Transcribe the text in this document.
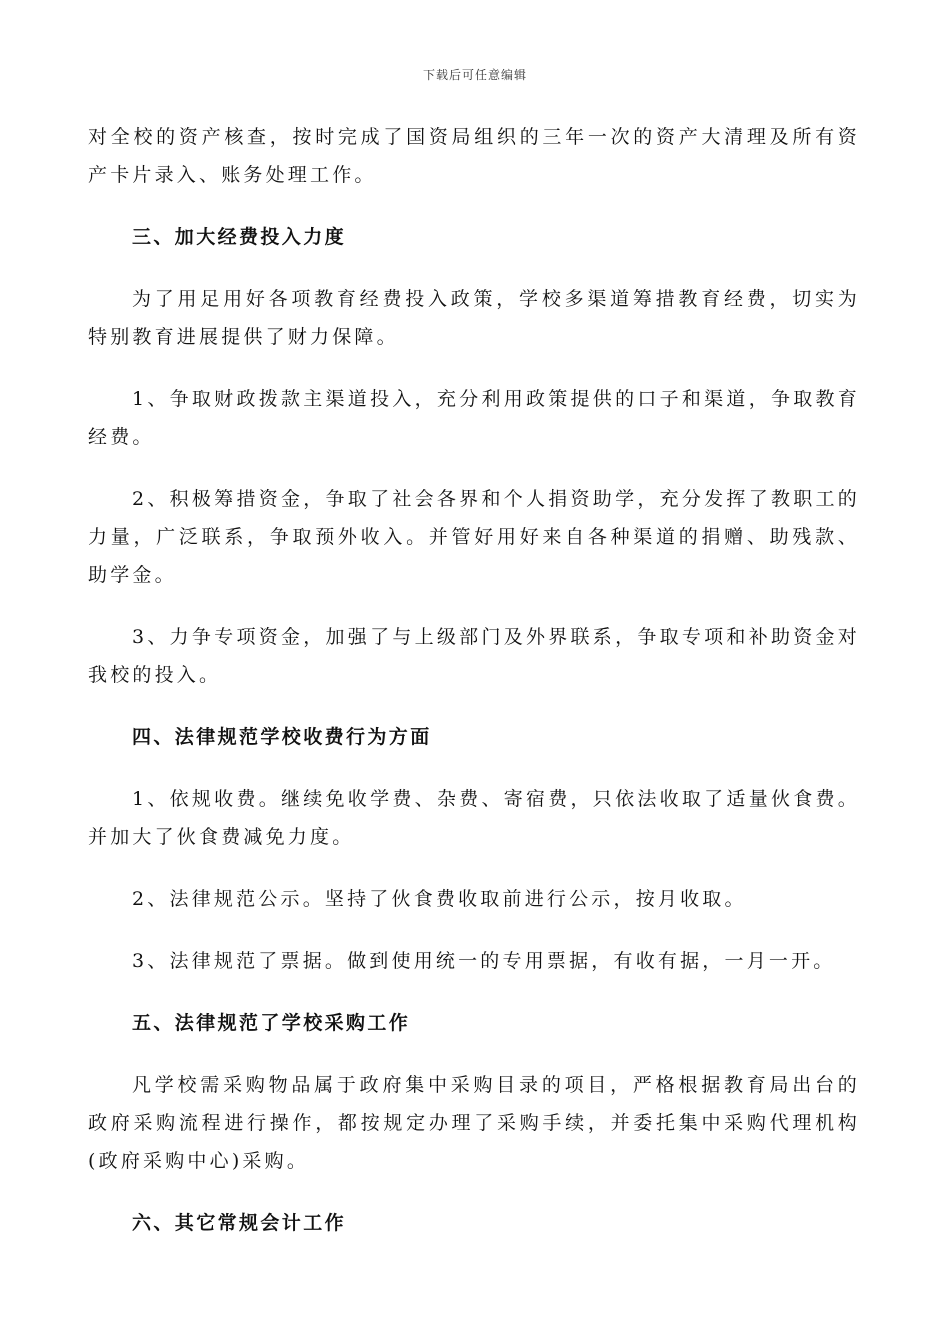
下载后可任意编辑

对全校的资产核查，按时完成了国资局组织的三年一次的资产大清理及所有资产卡片录入、账务处理工作。

三、加大经费投入力度

为了用足用好各项教育经费投入政策，学校多渠道筹措教育经费，切实为特别教育进展提供了财力保障。

1、争取财政拨款主渠道投入，充分利用政策提供的口子和渠道，争取教育经费。

2、积极筹措资金，争取了社会各界和个人捐资助学，充分发挥了教职工的力量，广泛联系，争取预外收入。并管好用好来自各种渠道的捐赠、助残款、助学金。

3、力争专项资金，加强了与上级部门及外界联系，争取专项和补助资金对我校的投入。

四、法律规范学校收费行为方面

1、依规收费。继续免收学费、杂费、寄宿费，只依法收取了适量伙食费。并加大了伙食费减免力度。

2、法律规范公示。坚持了伙食费收取前进行公示，按月收取。

3、法律规范了票据。做到使用统一的专用票据，有收有据，一月一开。

五、法律规范了学校采购工作

凡学校需采购物品属于政府集中采购目录的项目，严格根据教育局出台的政府采购流程进行操作，都按规定办理了采购手续，并委托集中采购代理机构(政府采购中心)采购。

六、其它常规会计工作
